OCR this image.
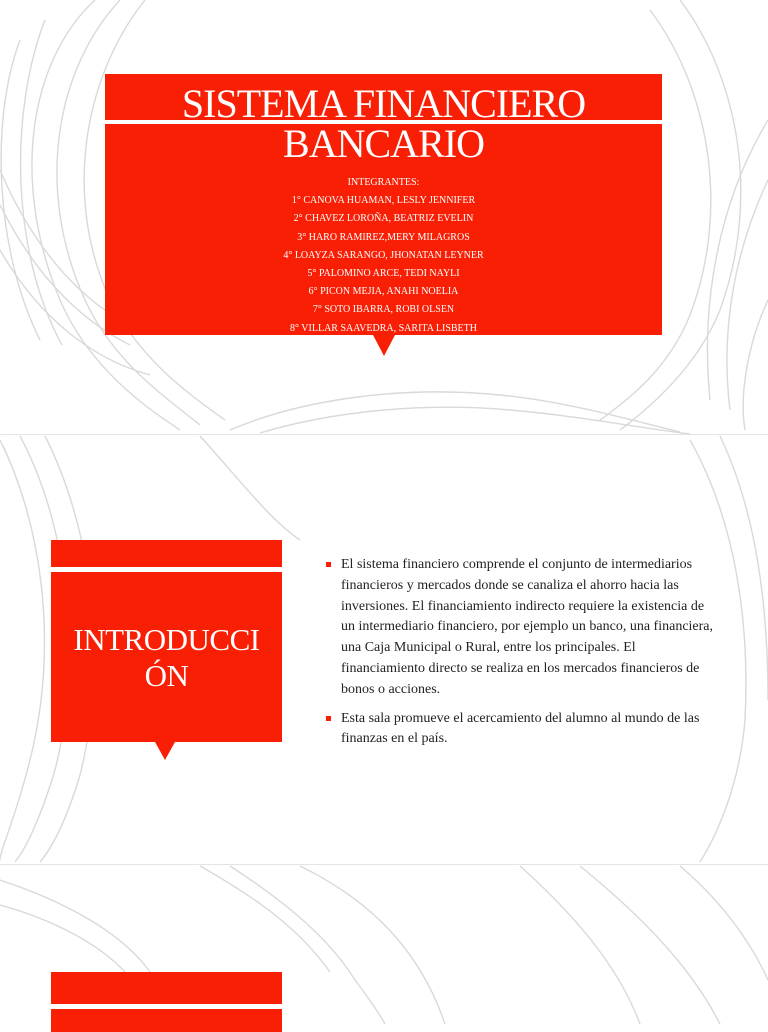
SISTEMA FINANCIERO
BANCARIO
INTEGRANTES:
1° CANOVA HUAMAN, LESLY JENNIFER
2° CHAVEZ LOROÑA, BEATRIZ EVELIN
3° HARO RAMIREZ,MERY MILAGROS
4° LOAYZA SARANGO, JHONATAN LEYNER
5° PALOMINO ARCE, TEDI NAYLI
6° PICON MEJIA, ANAHI NOELIA
7° SOTO IBARRA, ROBI OLSEN
8° VILLAR SAAVEDRA, SARITA LISBETH
INTRODUCCI
ÓN
El sistema financiero comprende el conjunto de intermediarios financieros y mercados donde se canaliza el ahorro hacia las inversiones. El financiamiento indirecto requiere la existencia de un intermediario financiero, por ejemplo un banco, una financiera, una Caja Municipal o Rural, entre los principales. El financiamiento directo se realiza en los mercados financieros de bonos o acciones.
Esta sala promueve el acercamiento del alumno al mundo de las finanzas en el país.
